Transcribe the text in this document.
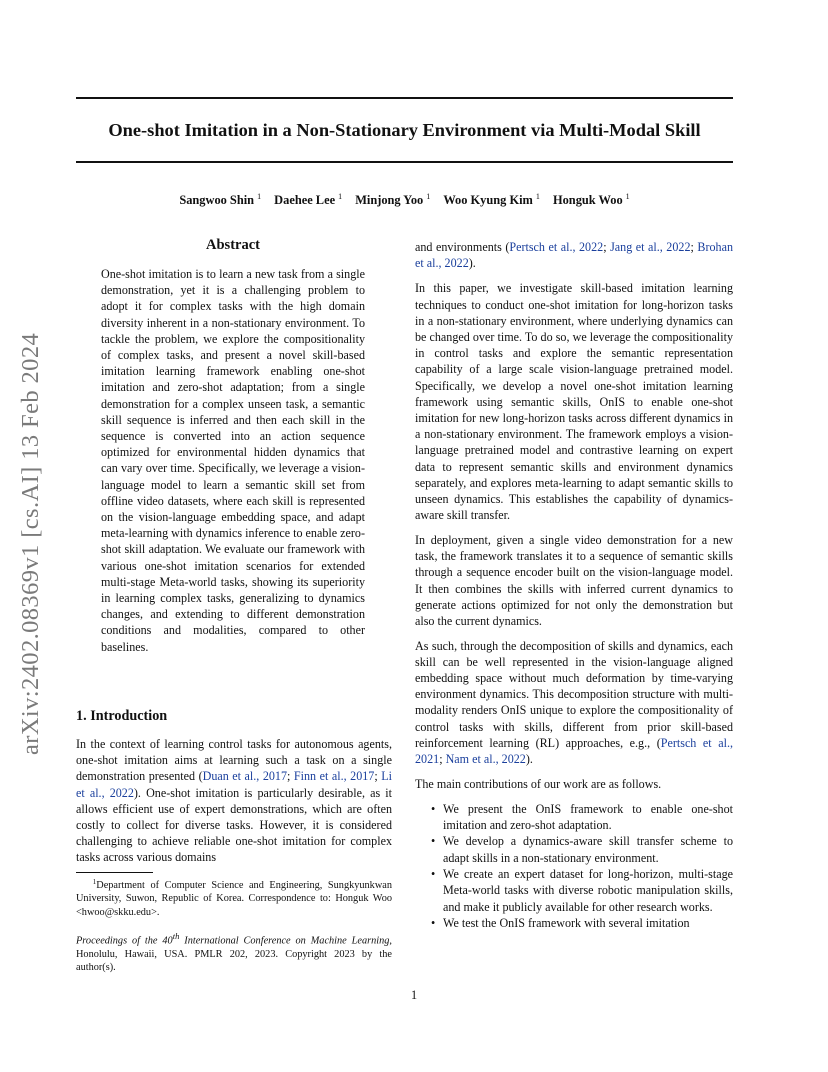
One-shot Imitation in a Non-Stationary Environment via Multi-Modal Skill
Sangwoo Shin $^1$ Daehee Lee $^1$ Minjong Yoo $^1$ Woo Kyung Kim $^1$ Honguk Woo $^1$
arXiv:2402.08369v1 [cs.AI] 13 Feb 2024
Abstract
One-shot imitation is to learn a new task from a single demonstration, yet it is a challenging problem to adopt it for complex tasks with the high domain diversity inherent in a non-stationary environment. To tackle the problem, we explore the compositionality of complex tasks, and present a novel skill-based imitation learning framework enabling one-shot imitation and zero-shot adaptation; from a single demonstration for a complex unseen task, a semantic skill sequence is inferred and then each skill in the sequence is converted into an action sequence optimized for environmental hidden dynamics that can vary over time. Specifically, we leverage a vision-language model to learn a semantic skill set from offline video datasets, where each skill is represented on the vision-language embedding space, and adapt meta-learning with dynamics inference to enable zero-shot skill adaptation. We evaluate our framework with various one-shot imitation scenarios for extended multi-stage Meta-world tasks, showing its superiority in learning complex tasks, generalizing to dynamics changes, and extending to different demonstration conditions and modalities, compared to other baselines.
1. Introduction
In the context of learning control tasks for autonomous agents, one-shot imitation aims at learning such a task on a single demonstration presented (Duan et al., 2017; Finn et al., 2017; Li et al., 2022). One-shot imitation is particularly desirable, as it allows efficient use of expert demonstrations, which are often costly to collect for diverse tasks. However, it is considered challenging to achieve reliable one-shot imitation for complex tasks across various domains
$^1$Department of Computer Science and Engineering, Sungkyunkwan University, Suwon, Republic of Korea. Correspondence to: Honguk Woo <hwoo@skku.edu>.
Proceedings of the 40th International Conference on Machine Learning, Honolulu, Hawaii, USA. PMLR 202, 2023. Copyright 2023 by the author(s).

and environments (Pertsch et al., 2022; Jang et al., 2022; Brohan et al., 2022).

In this paper, we investigate skill-based imitation learning techniques to conduct one-shot imitation for long-horizon tasks in a non-stationary environment, where underlying dynamics can be changed over time. To do so, we leverage the compositionality in control tasks and explore the semantic representation capability of a large scale vision-language pretrained model. Specifically, we develop a novel one-shot imitation learning framework using semantic skills, OnIS to enable one-shot imitation for new long-horizon tasks across different dynamics in a non-stationary environment. The framework employs a vision-language pretrained model and contrastive learning on expert data to represent semantic skills and environment dynamics separately, and explores meta-learning to adapt semantic skills to unseen dynamics. This establishes the capability of dynamics-aware skill transfer.

In deployment, given a single video demonstration for a new task, the framework translates it to a sequence of semantic skills through a sequence encoder built on the vision-language model. It then combines the skills with inferred current dynamics to generate actions optimized for not only the demonstration but also the current dynamics.

As such, through the decomposition of skills and dynamics, each skill can be well represented in the vision-language aligned embedding space without much deformation by time-varying environment dynamics. This decomposition structure with multi-modality renders OnIS unique to explore the compositionality of control tasks with skills, different from prior skill-based reinforcement learning (RL) approaches, e.g., (Pertsch et al., 2021; Nam et al., 2022).

The main contributions of our work are as follows.

• We present the OnIS framework to enable one-shot imitation and zero-shot adaptation.
• We develop a dynamics-aware skill transfer scheme to adapt skills in a non-stationary environment.
• We create an expert dataset for long-horizon, multi-stage Meta-world tasks with diverse robotic manipulation skills, and make it publicly available for other research works.
• We test the OnIS framework with several imitation
1
